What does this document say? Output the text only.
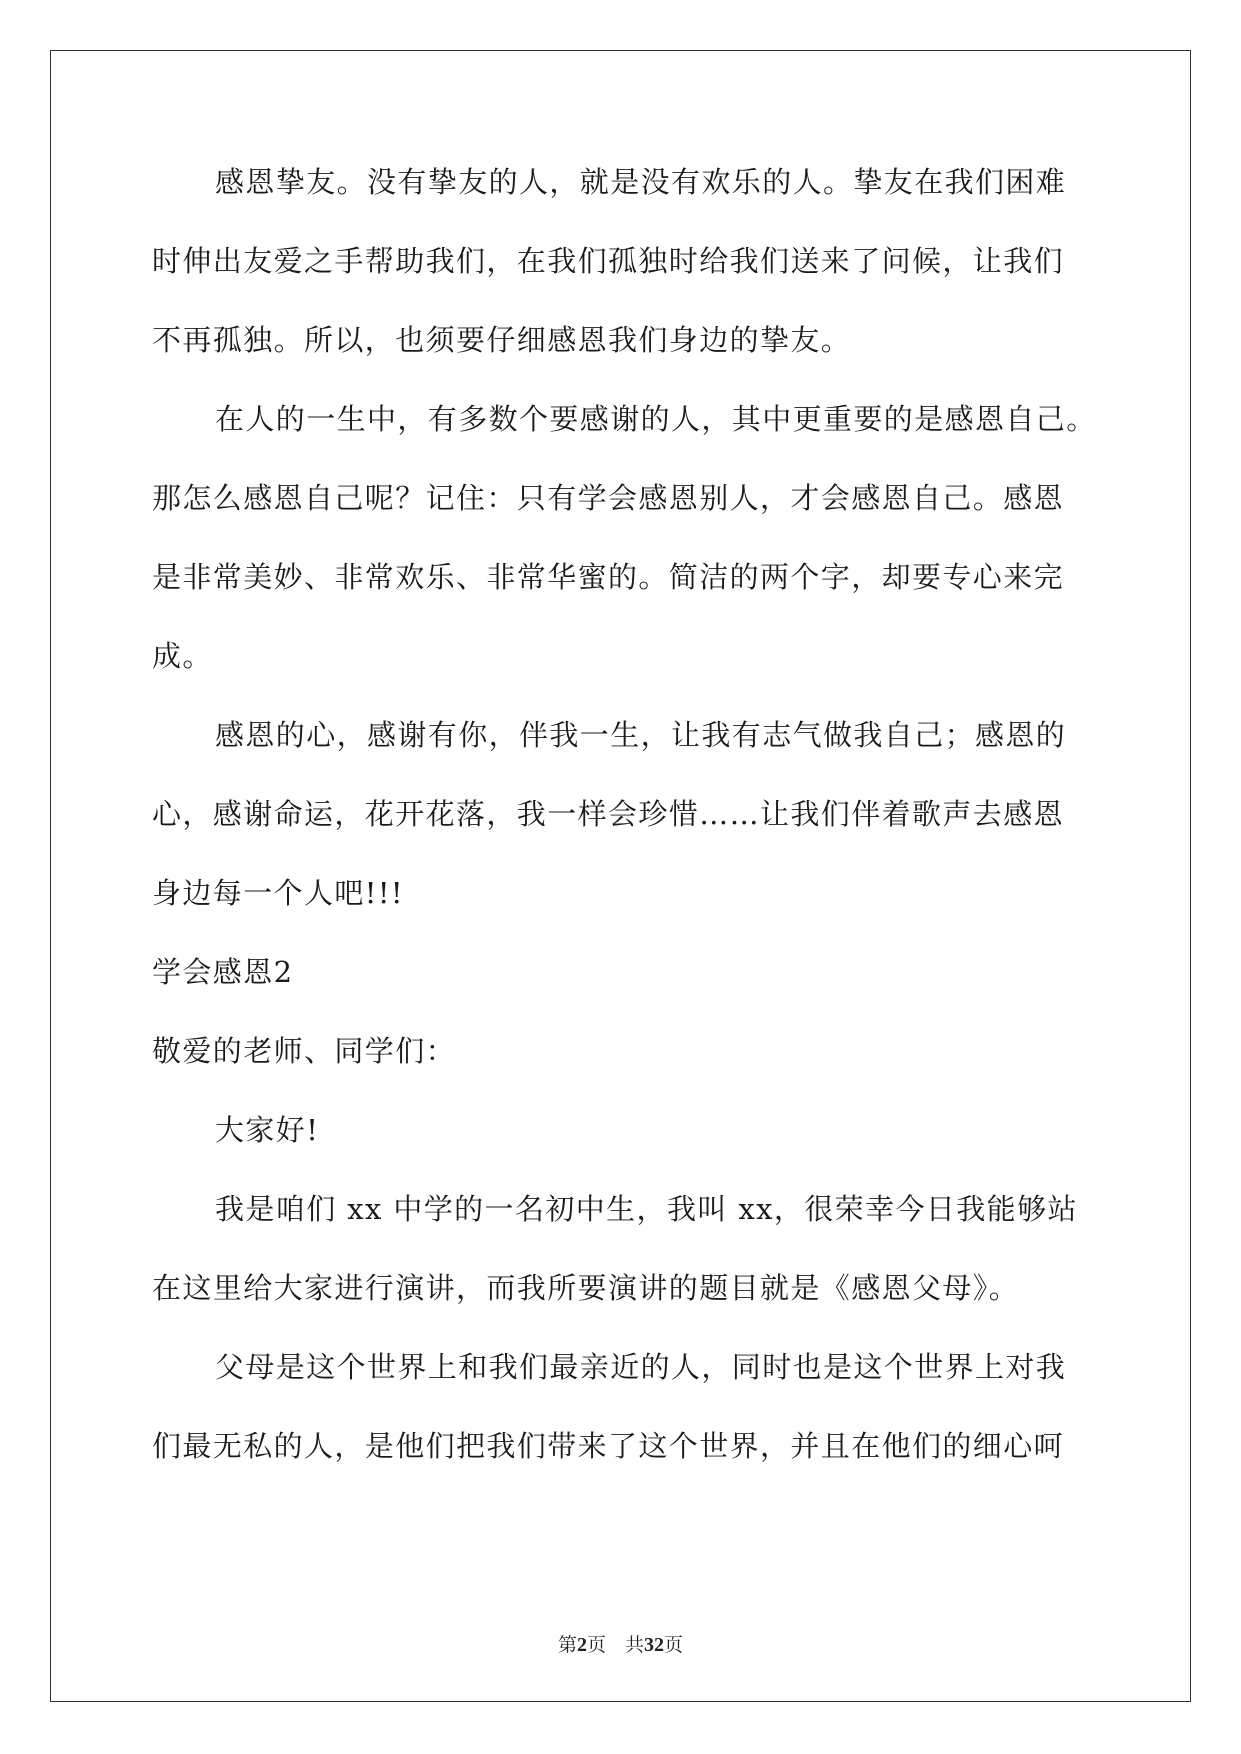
感恩挚友。没有挚友的人，就是没有欢乐的人。挚友在我们困难
时伸出友爱之手帮助我们，在我们孤独时给我们送来了问候，让我们
不再孤独。所以，也须要仔细感恩我们身边的挚友。
在人的一生中，有多数个要感谢的人，其中更重要的是感恩自己。
那怎么感恩自己呢？记住：只有学会感恩别人，才会感恩自己。感恩
是非常美妙、非常欢乐、非常华蜜的。简洁的两个字，却要专心来完
成。
感恩的心，感谢有你，伴我一生，让我有志气做我自己；感恩的
心，感谢命运，花开花落，我一样会珍惜……让我们伴着歌声去感恩
身边每一个人吧!!!
学会感恩2
敬爱的老师、同学们：
大家好!
我是咱们 xx 中学的一名初中生，我叫 xx，很荣幸今日我能够站
在这里给大家进行演讲，而我所要演讲的题目就是《感恩父母》。
父母是这个世界上和我们最亲近的人，同时也是这个世界上对我
们最无私的人，是他们把我们带来了这个世界，并且在他们的细心呵
第2页　共32页
